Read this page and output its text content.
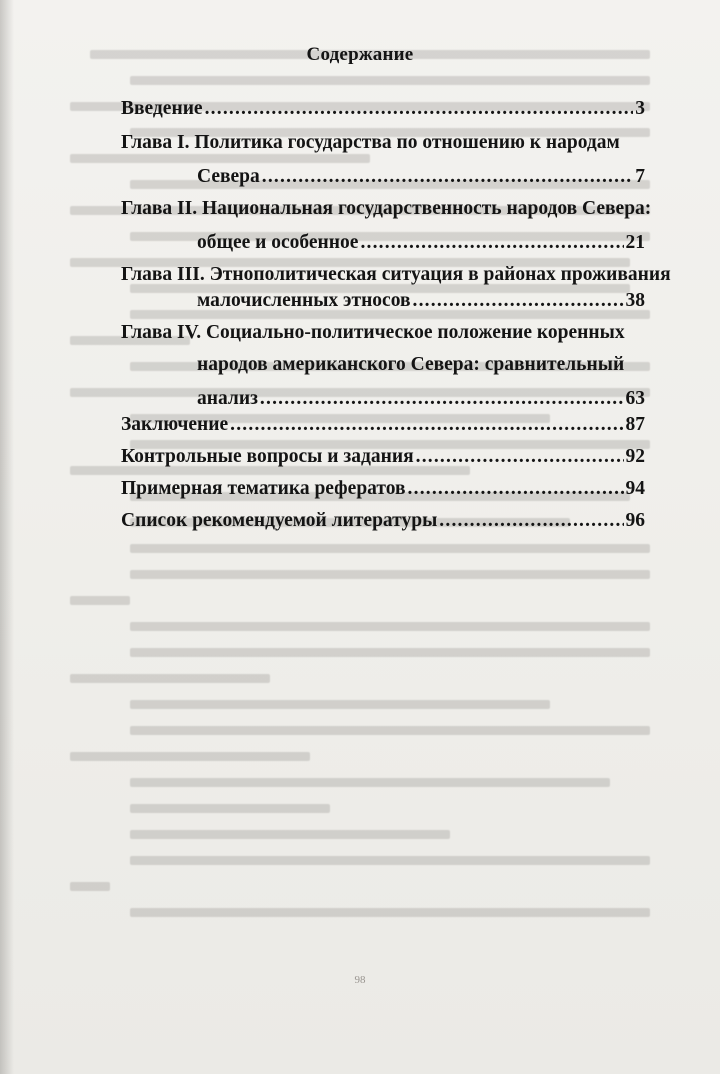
Содержание
Введение .....	3
Глава I. Политика государства по отношению к народам
Севера .....	7
Глава II. Национальная государственность народов Севера:
общее и особенное .....	21
Глава III. Этнополитическая ситуация в районах проживания
малочисленных этносов .....	38
Глава IV. Социально-политическое положение коренных
народов американского Севера: сравнительный
анализ .....	63
Заключение .....	87
Контрольные вопросы и задания .....	92
Примерная тематика рефератов .....	94
Список рекомендуемой литературы .....	96
98
